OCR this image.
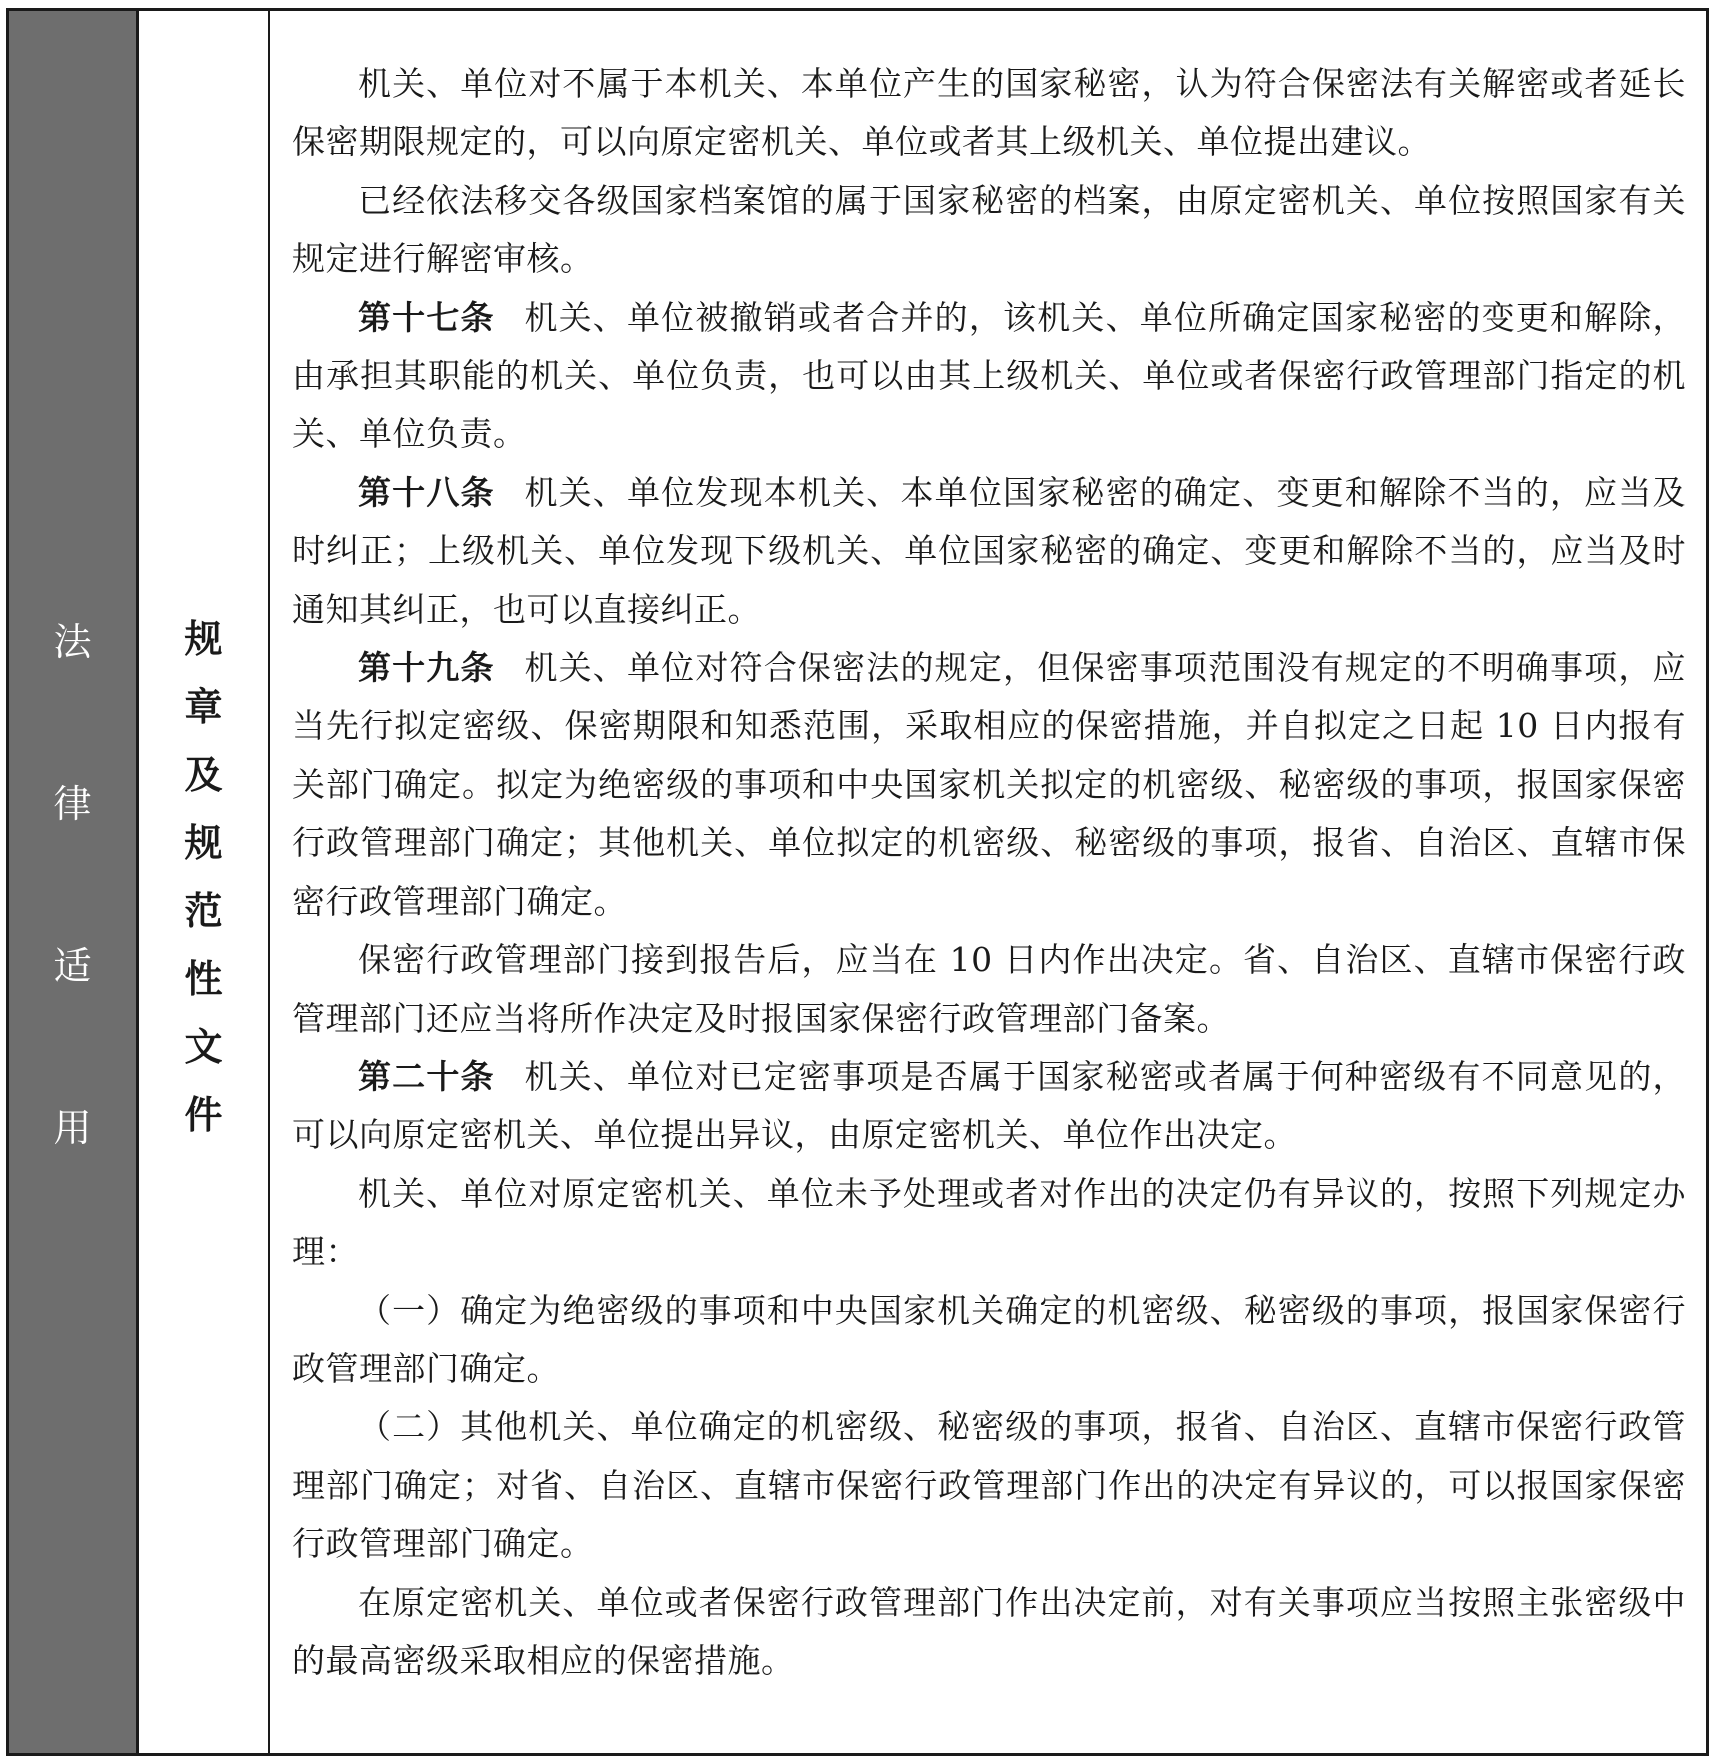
法律适用
规章及规范性文件

机关、单位对不属于本机关、本单位产生的国家秘密，认为符合保密法有关解密或者延长保密期限规定的，可以向原定密机关、单位或者其上级机关、单位提出建议。

已经依法移交各级国家档案馆的属于国家秘密的档案，由原定密机关、单位按照国家有关规定进行解密审核。

第十七条 机关、单位被撤销或者合并的，该机关、单位所确定国家秘密的变更和解除，由承担其职能的机关、单位负责，也可以由其上级机关、单位或者保密行政管理部门指定的机关、单位负责。

第十八条 机关、单位发现本机关、本单位国家秘密的确定、变更和解除不当的，应当及时纠正；上级机关、单位发现下级机关、单位国家秘密的确定、变更和解除不当的，应当及时通知其纠正，也可以直接纠正。

第十九条 机关、单位对符合保密法的规定，但保密事项范围没有规定的不明确事项，应当先行拟定密级、保密期限和知悉范围，采取相应的保密措施，并自拟定之日起 10 日内报有关部门确定。拟定为绝密级的事项和中央国家机关拟定的机密级、秘密级的事项，报国家保密行政管理部门确定；其他机关、单位拟定的机密级、秘密级的事项，报省、自治区、直辖市保密行政管理部门确定。

保密行政管理部门接到报告后，应当在 10 日内作出决定。省、自治区、直辖市保密行政管理部门还应当将所作决定及时报国家保密行政管理部门备案。

第二十条 机关、单位对已定密事项是否属于国家秘密或者属于何种密级有不同意见的，可以向原定密机关、单位提出异议，由原定密机关、单位作出决定。

机关、单位对原定密机关、单位未予处理或者对作出的决定仍有异议的，按照下列规定办理：

（一）确定为绝密级的事项和中央国家机关确定的机密级、秘密级的事项，报国家保密行政管理部门确定。

（二）其他机关、单位确定的机密级、秘密级的事项，报省、自治区、直辖市保密行政管理部门确定；对省、自治区、直辖市保密行政管理部门作出的决定有异议的，可以报国家保密行政管理部门确定。

在原定密机关、单位或者保密行政管理部门作出决定前，对有关事项应当按照主张密级中的最高密级采取相应的保密措施。
